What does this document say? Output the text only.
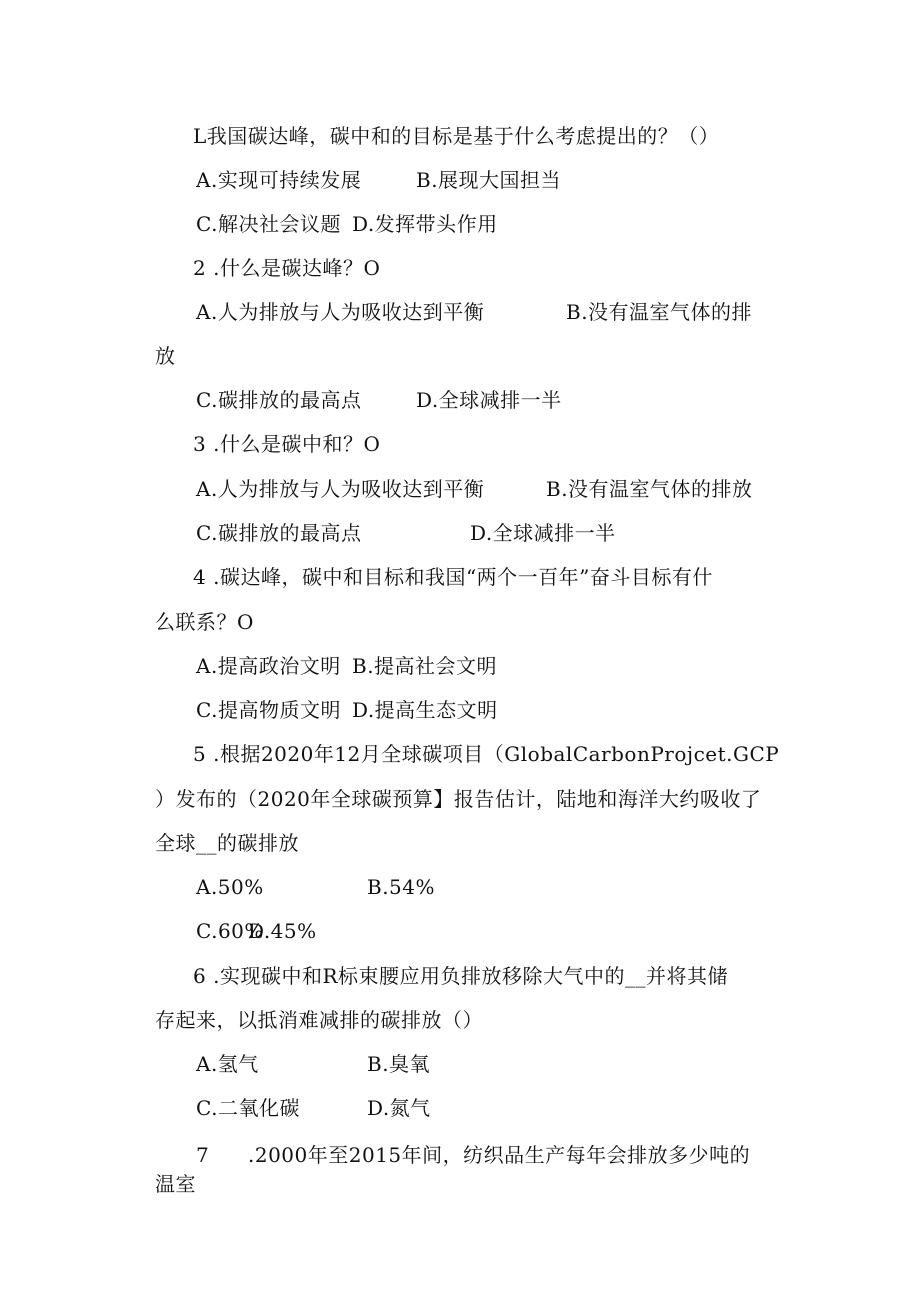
L我国碳达峰，碳中和的目标是基于什么考虑提出的？（）
A.实现可持续发展	B.展现大国担当
C.解决社会议题 D.发挥带头作用
2 .什么是碳达峰？O
A.人为排放与人为吸收达到平衡	B.没有温室气体的排
放
C.碳排放的最高点	D.全球减排一半
3 .什么是碳中和？O
A.人为排放与人为吸收达到平衡	B.没有温室气体的排放
C.碳排放的最高点	D.全球减排一半
4 .碳达峰，碳中和目标和我国“两个一百年”奋斗目标有什
么联系？O
A.提高政治文明 B.提高社会文明
C.提高物质文明 D.提高生态文明
5 .根据2020年12月全球碳项目（GlobalCarbonProjcet.GCP
）发布的（2020年全球碳预算】报告估计，陆地和海洋大约吸收了
全球__的碳排放
A.50%	B.54%
C.60%
D.45%
6 .实现碳中和R标束腰应用负排放移除大气中的__并将其储
存起来，以抵消难减排的碳排放（）
A.氢气	B.臭氧
C.二氧化碳	D.氮气
7 .2000年至2015年间，纺织品生产每年会排放多少吨的
温室
